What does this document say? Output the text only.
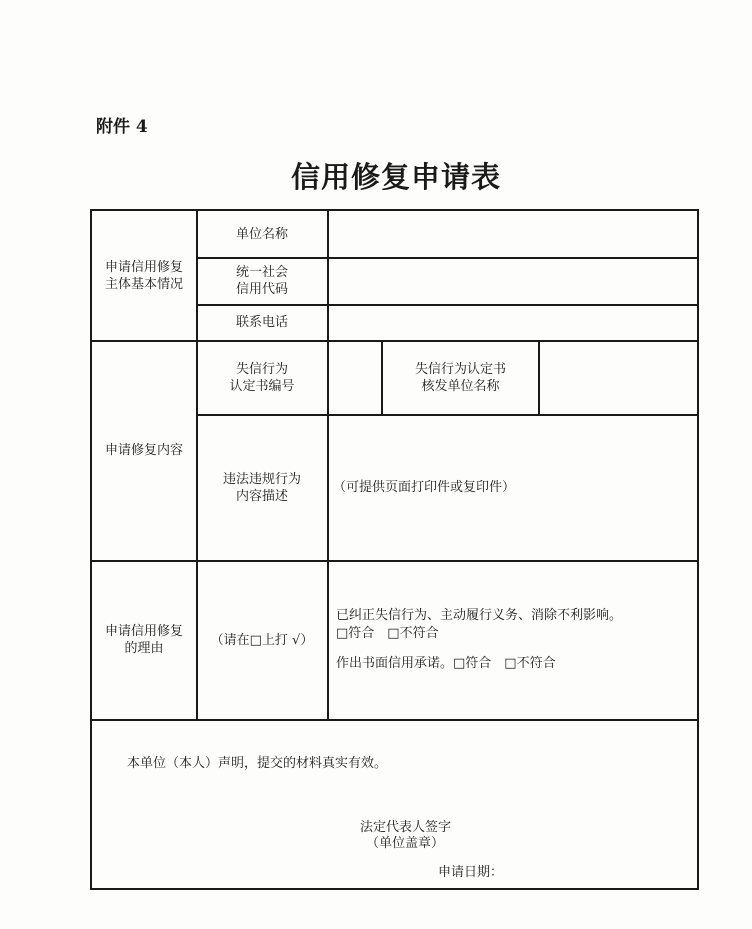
附件 4
信用修复申请表
申请信用修复
主体基本情况
单位名称
统一社会
信用代码
联系电话
申请修复内容
失信行为
认定书编号
失信行为认定书
核发单位名称
违法违规行为
内容描述
（可提供页面打印件或复印件）
申请信用修复
的理由
（请在□上打 √）
已纠正失信行为、主动履行义务、消除不利影响。
□符合　□不符合
作出书面信用承诺。□符合　□不符合
本单位（本人）声明，提交的材料真实有效。
法定代表人签字
（单位盖章）
申请日期：
